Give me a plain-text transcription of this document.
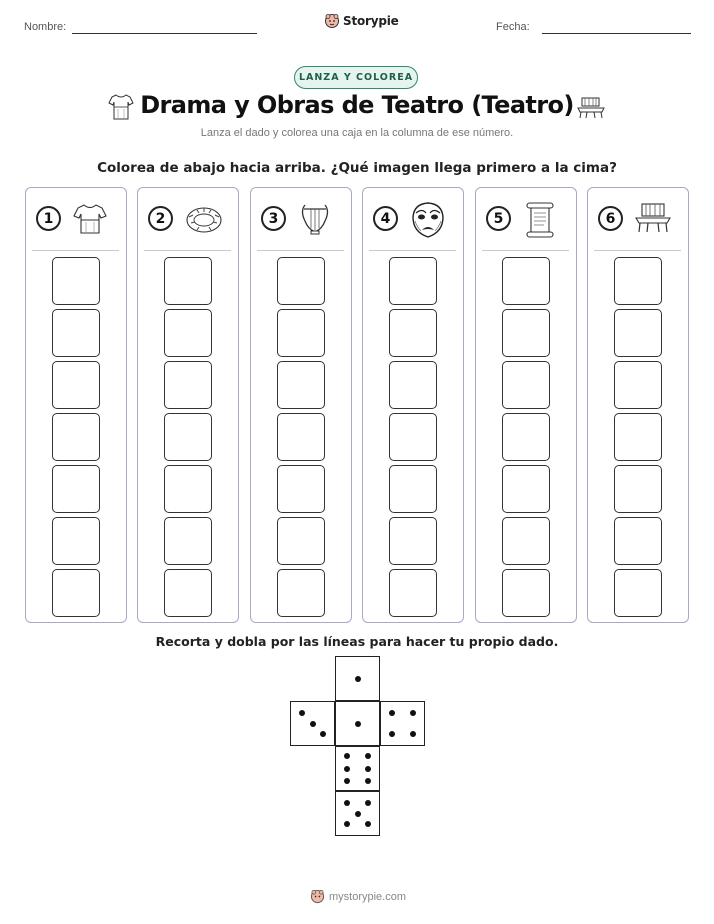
Nombre:	Storypie	Fecha:
LANZA Y COLOREA
Drama y Obras de Teatro (Teatro)
Lanza el dado y colorea una caja en la columna de ese número.
Colorea de abajo hacia arriba. ¿Qué imagen llega primero a la cima?
1	2	3	4	5	6
Recorta y dobla por las líneas para hacer tu propio dado.
mystorypie.com
